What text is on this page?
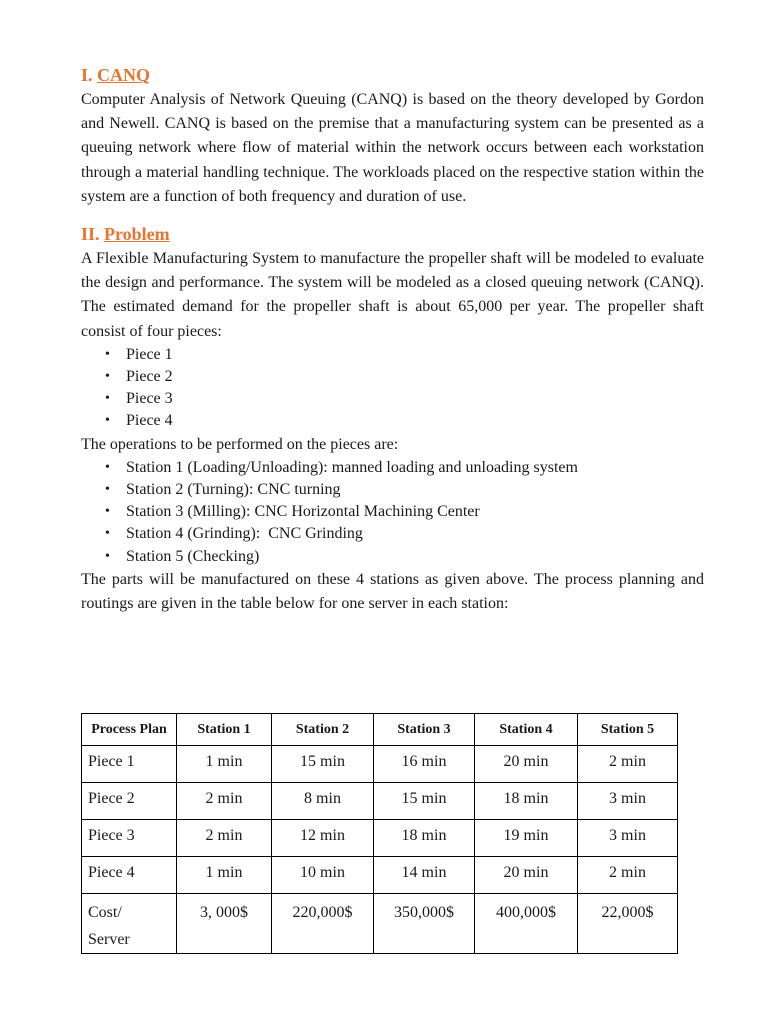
I. CANQ

Computer Analysis of Network Queuing (CANQ) is based on the theory developed by Gordon and Newell. CANQ is based on the premise that a manufacturing system can be presented as a queuing network where flow of material within the network occurs between each workstation through a material handling technique. The workloads placed on the respective station within the system are a function of both frequency and duration of use.

II. Problem

A Flexible Manufacturing System to manufacture the propeller shaft will be modeled to evaluate the design and performance. The system will be modeled as a closed queuing network (CANQ). The estimated demand for the propeller shaft is about 65,000 per year. The propeller shaft consist of four pieces:

• Piece 1
• Piece 2
• Piece 3
• Piece 4

The operations to be performed on the pieces are:

• Station 1 (Loading/Unloading): manned loading and unloading system
• Station 2 (Turning): CNC turning
• Station 3 (Milling): CNC Horizontal Machining Center
• Station 4 (Grinding):  CNC Grinding
• Station 5 (Checking)

The parts will be manufactured on these 4 stations as given above. The process planning and routings are given in the table below for one server in each station:

Process Plan	Station 1	Station 2	Station 3	Station 4	Station 5
Piece 1	1 min	15 min	16 min	20 min	2 min
Piece 2	2 min	8 min	15 min	18 min	3 min
Piece 3	2 min	12 min	18 min	19 min	3 min
Piece 4	1 min	10 min	14 min	20 min	2 min
Cost/
Server	3, 000$	220,000$	350,000$	400,000$	22,000$
